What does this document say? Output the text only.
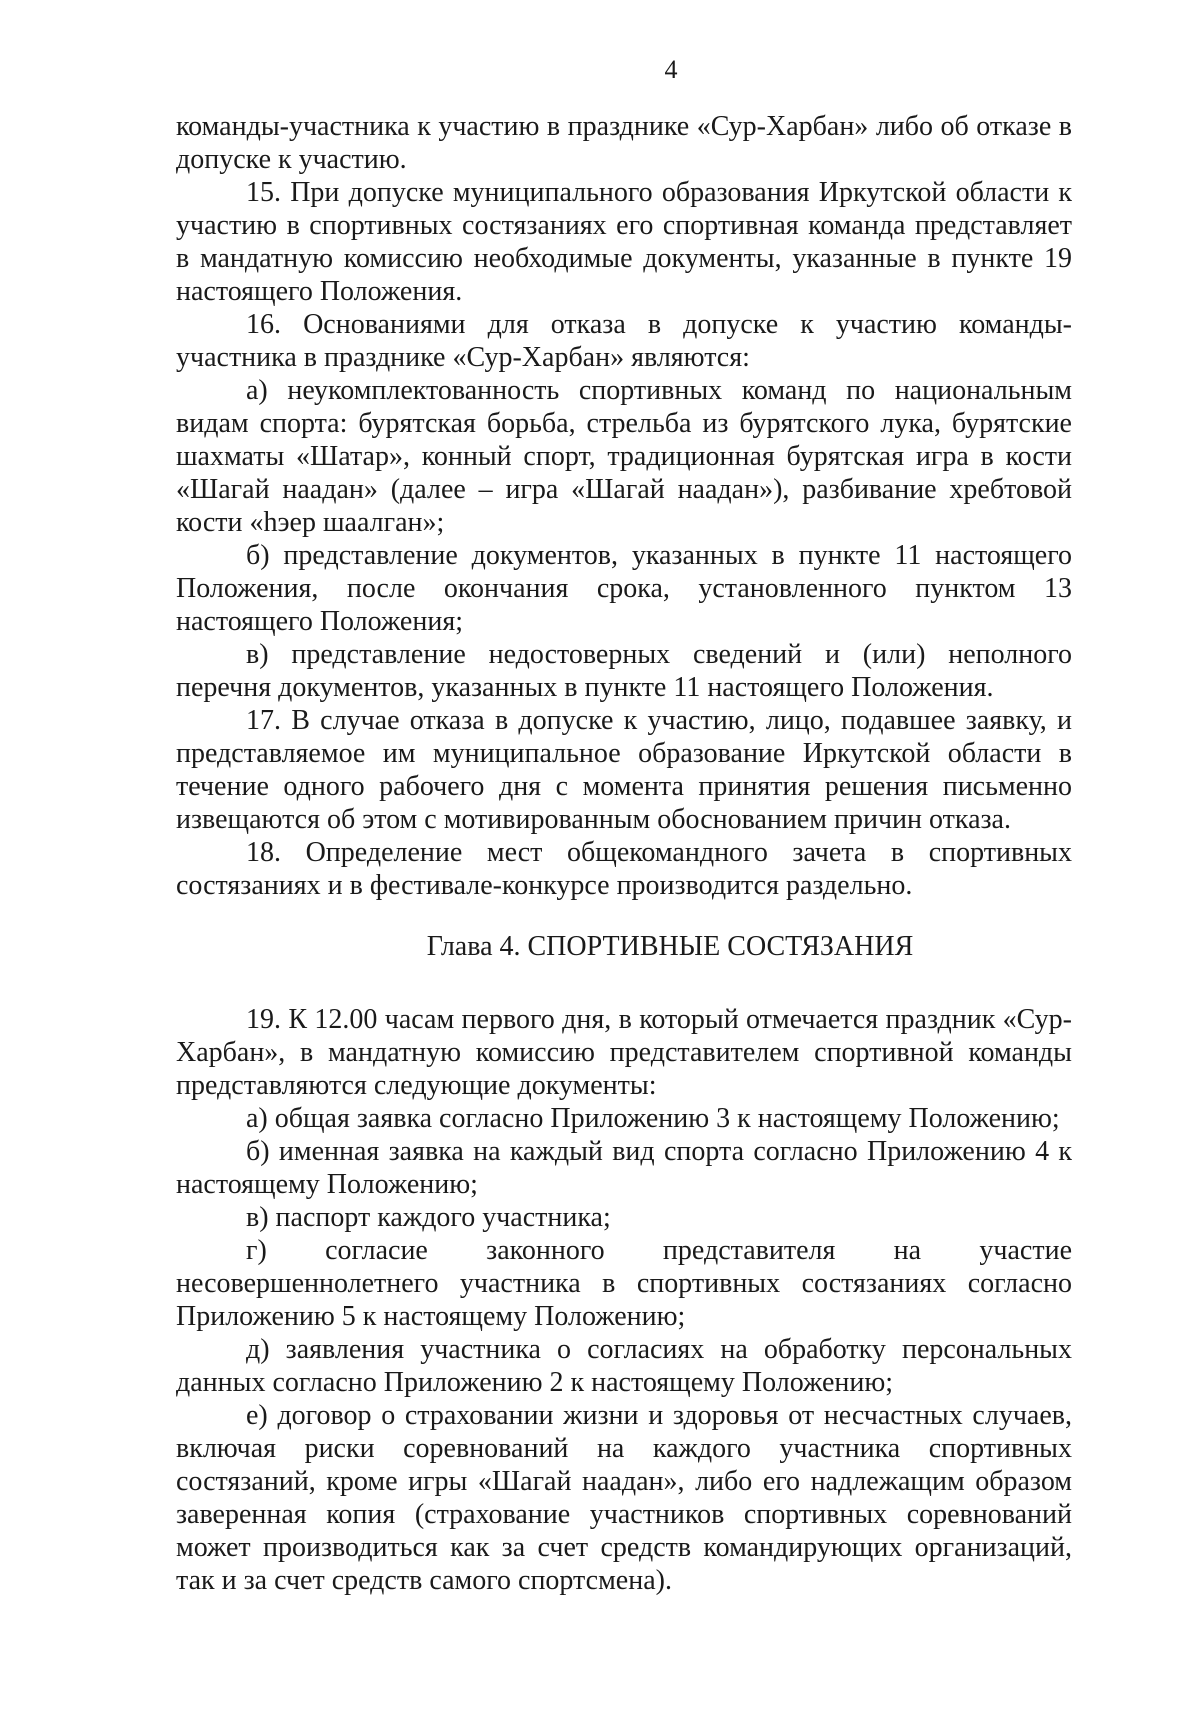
4

команды-участника к участию в празднике «Сур-Харбан» либо об отказе в допуске к участию.

15. При допуске муниципального образования Иркутской области к участию в спортивных состязаниях его спортивная команда представляет в мандатную комиссию необходимые документы, указанные в пункте 19 настоящего Положения.

16. Основаниями для отказа в допуске к участию команды-участника в празднике «Сур-Харбан» являются:

а) неукомплектованность спортивных команд по национальным видам спорта: бурятская борьба, стрельба из бурятского лука, бурятские шахматы «Шатар», конный спорт, традиционная бурятская игра в кости «Шагай наадан» (далее – игра «Шагай наадан»), разбивание хребтовой кости «һэер шаалган»;

б) представление документов, указанных в пункте 11 настоящего Положения, после окончания срока, установленного пунктом 13 настоящего Положения;

в) представление недостоверных сведений и (или) неполного перечня документов, указанных в пункте 11 настоящего Положения.

17. В случае отказа в допуске к участию, лицо, подавшее заявку, и представляемое им муниципальное образование Иркутской области в течение одного рабочего дня с момента принятия решения письменно извещаются об этом с мотивированным обоснованием причин отказа.

18. Определение мест общекомандного зачета в спортивных состязаниях и в фестивале-конкурсе производится раздельно.

Глава 4. СПОРТИВНЫЕ СОСТЯЗАНИЯ

19. К 12.00 часам первого дня, в который отмечается праздник «Сур-Харбан», в мандатную комиссию представителем спортивной команды представляются следующие документы:

а) общая заявка согласно Приложению 3 к настоящему Положению;

б) именная заявка на каждый вид спорта согласно Приложению 4 к настоящему Положению;

в) паспорт каждого участника;

г) согласие законного представителя на участие несовершеннолетнего участника в спортивных состязаниях согласно Приложению 5 к настоящему Положению;

д) заявления участника о согласиях на обработку персональных данных согласно Приложению 2 к настоящему Положению;

е) договор о страховании жизни и здоровья от несчастных случаев, включая риски соревнований на каждого участника спортивных состязаний, кроме игры «Шагай наадан», либо его надлежащим образом заверенная копия (страхование участников спортивных соревнований может производиться как за счет средств командирующих организаций, так и за счет средств самого спортсмена).
